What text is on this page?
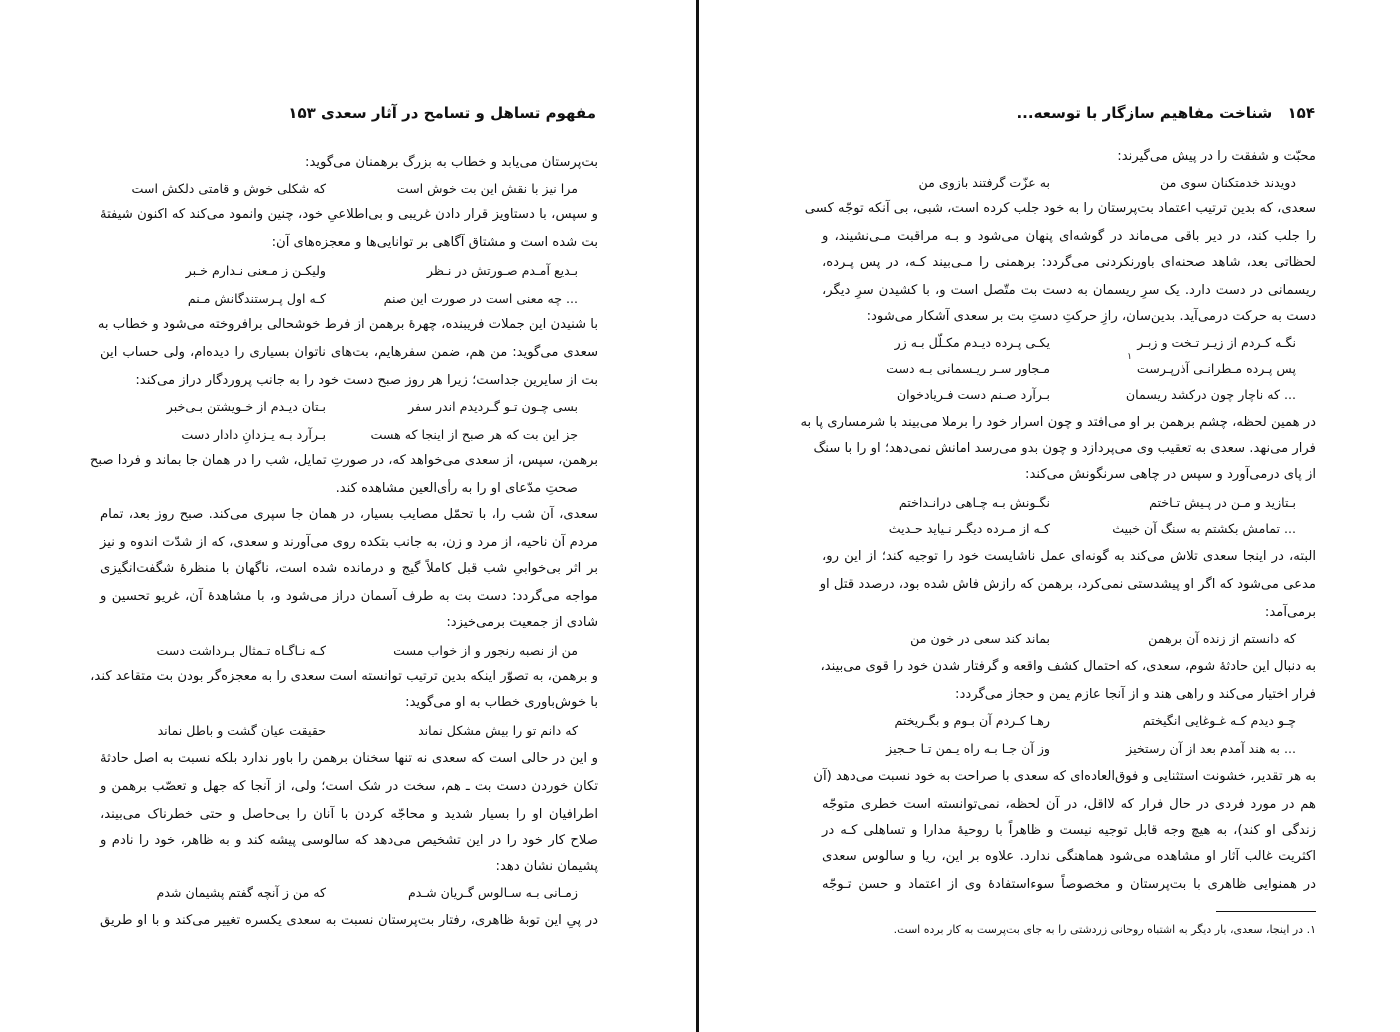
مفهوم تساهل و تسامح در آثار سعدی ۱۵۳
بت‌پرستان می‌یابد و خطاب به بزرگ برهمنان می‌گوید:
مرا نیز با نقش این بت خوش است
که شکلی خوش و قامتی دلکش است
و سپس، با دستاویز قرار دادن غریبی و بی‌اطلاعیِ خود، چنین وانمود می‌کند که اکنون شیفتهٔ
بت شده است و مشتاق آگاهی بر توانایی‌ها و معجزه‌های آن:
بـدیع آمـدم صـورتش در نـظر
ولیکـن ز مـعنی نـدارم خـبر
... چه معنی است در صورت این صنم
کـه اول پـرستندگانش مـنم
با شنیدن این جملات فریبنده، چهرهٔ برهمن از فرط خوشحالی برافروخته می‌شود و خطاب به
سعدی می‌گوید: من هم، ضمن سفرهایم، بت‌های ناتوان بسیاری را دیده‌ام، ولی حساب این
بت از سایرین جداست؛ زیرا هر روز صبح دست خود را به جانب پروردگار دراز می‌کند:
بسی چـون تـو گـردیدم اندر سفر
بـتان دیـدم از خـویشتن بـی‌خبر
جز این بت که هر صبح از اینجا که هست
بـرآرد بـه یـزدانِ دادار دست
برهمن، سپس، از سعدی می‌خواهد که، در صورتِ تمایل، شب را در همان جا بماند و فردا صبح
صحتِ مدّعای او را به رأی‌العین مشاهده کند.
سعدی، آن شب را، با تحمّل مصایب بسیار، در همان جا سپری می‌کند. صبح روز بعد، تمام
مردم آن ناحیه، از مرد و زن، به جانب بتکده روی می‌آورند و سعدی، که از شدّت اندوه و نیز
بر اثر بی‌خوابیِ شب قبل کاملاً گیج و درمانده شده است، ناگهان با منظرهٔ شگفت‌انگیزی
مواجه می‌گردد: دست بت به طرف آسمان دراز می‌شود و، با مشاهدهٔ آن، غریو تحسین و
شادی از جمعیت برمی‌خیزد:
من از نصبه رنجور و از خواب مست
کـه نـاگـاه تـمثال بـرداشت دست
و برهمن، به تصوّر اینکه بدین ترتیب توانسته است سعدی را به معجزه‌گر بودن بت متقاعد کند،
با خوش‌باوری خطاب به او می‌گوید:
که دانم تو را بیش مشکل نماند
حقیقت عیان گشت و باطل نماند
و این در حالی است که سعدی نه تنها سخنان برهمن را باور ندارد بلکه نسبت به اصل حادثهٔ
تکان خوردن دست بت ـ هم، سخت در شک است؛ ولی، از آنجا که جهل و تعصّب برهمن و
اطرافیان او را بسیار شدید و محاجّه کردن با آنان را بی‌حاصل و حتی خطرناک می‌بیند،
صلاح کار خود را در این تشخیص می‌دهد که سالوسی پیشه کند و به ظاهر، خود را نادم و
پشیمان نشان دهد:
زمـانی بـه سـالوس گـریان شـدم
که من ز آنچه گفتم پشیمان شدم
در پیِ این توبهٔ ظاهری، رفتار بت‌پرستان نسبت به سعدی یکسره تغییر می‌کند و با او طریق
۱۵۴ شناخت مفاهیم سازگار با توسعه...
محبّت و شفقت را در پیش می‌گیرند:
دویدند خدمتکنان سوی من
به عزّت گرفتند بازوی من
سعدی، که بدین ترتیب اعتماد بت‌پرستان را به خود جلب کرده است، شبی، بی آنکه توجّه کسی
را جلب کند، در دیر باقی می‌ماند در گوشه‌ای پنهان می‌شود و بـه مراقبت مـی‌نشیند، و
لحظاتی بعد، شاهد صحنه‌ای باورنکردنی می‌گردد: برهمنی را مـی‌بیند کـه، در پس پـرده،
ریسمانی در دست دارد. یک سرِ ریسمان به دست بت متّصل است و، با کشیدن سرِ دیگر،
دست به حرکت درمی‌آید. بدین‌سان، رازِ حرکتِ دستِ بت بر سعدی آشکار می‌شود:
نگـه کـردم از زیـر تـخت و زبـر
یکـی پـرده دیـدم مکـلّل بـه زر
پس پـرده مـطرانـی آذرپـرست
۱
مـجاور سـر ریـسمانی بـه دست
... که ناچار چون درکشد ریسمان
بـرآرد صـنم دست فـریادخوان
در همین لحظه، چشم برهمن بر او می‌افتد و چون اسرار خود را برملا می‌بیند با شرمساری پا به
فرار می‌نهد. سعدی به تعقیب وی می‌پردازد و چون بدو می‌رسد امانش نمی‌دهد؛ او را با سنگ
از پای درمی‌آورد و سپس در چاهی سرنگونش می‌کند:
بـتازید و مـن در پـیش تـاختم
نگـونش بـه چـاهی درانـداختم
... تمامش بکشتم به سنگ آن خبیث
کـه از مـرده دیگـر نـیاید حـدیث
البته، در اینجا سعدی تلاش می‌کند به گونه‌ای عمل ناشایست خود را توجیه کند؛ از این رو،
مدعی می‌شود که اگر او پیشدستی نمی‌کرد، برهمن که رازش فاش شده بود، درصدد قتل او
برمی‌آمد:
که دانستم از زنده آن برهمن
بماند کند سعی در خون من
به دنبال این حادثهٔ شوم، سعدی، که احتمال کشف واقعه و گرفتار شدن خود را قوی می‌بیند،
فرار اختیار می‌کند و راهی هند و از آنجا عازم یمن و حجاز می‌گردد:
چـو دیدم کـه غـوغایی انگیختم
رهـا کـردم آن بـوم و بگـریختم
... به هند آمدم بعد از آن رستخیز
وز آن جـا بـه راه یـمن تـا حـجیز
به هر تقدیر، خشونت استثنایی و فوق‌العاده‌ای که سعدی با صراحت به خود نسبت می‌دهد (آن
هم در مورد فردی در حال فرار که لااقل، در آن لحظه، نمی‌توانسته است خطری متوجّه
زندگی او کند)، به هیچ وجه قابل توجیه نیست و ظاهراً با روحیهٔ مدارا و تساهلی کـه در
اکثریت غالب آثار او مشاهده می‌شود هماهنگی ندارد. علاوه بر این، ریا و سالوس سعدی
در همنوایی ظاهری با بت‌پرستان و مخصوصاً سوءاستفادهٔ وی از اعتماد و حسن تـوجّه
۱. در اینجا، سعدی، بار دیگر به اشتباه روحانی زردشتی را به جای بت‌پرست به کار برده است.
